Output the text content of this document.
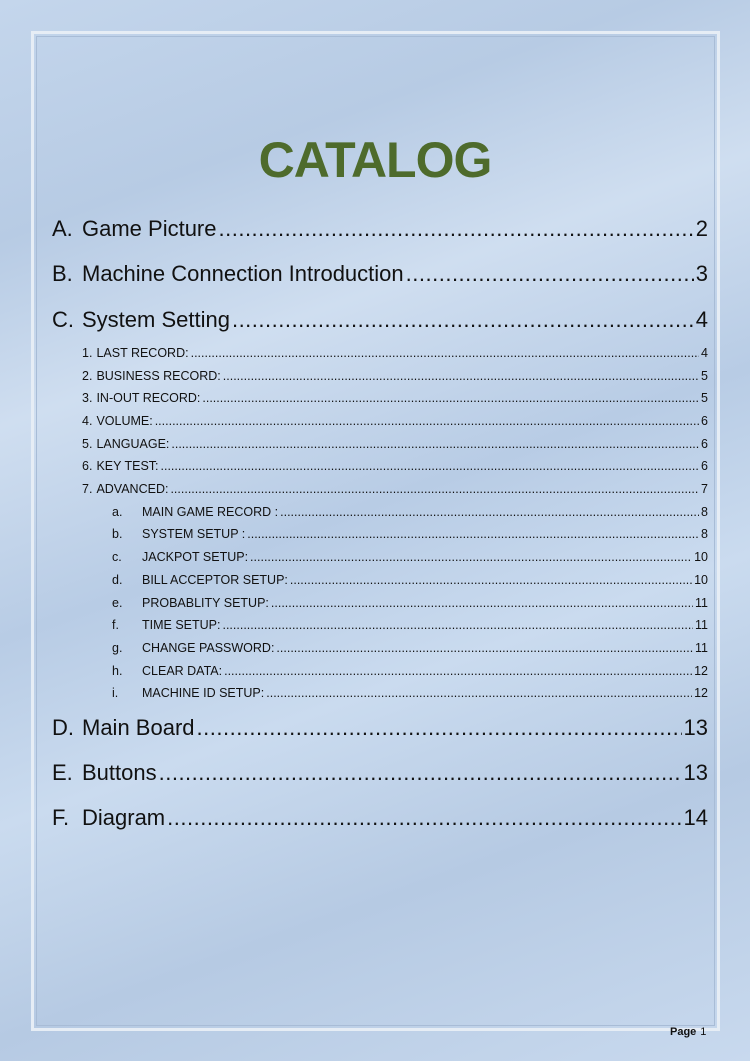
CATALOG
A. Game Picture .....	2
B. Machine Connection Introduction .....	3
C. System Setting .....	4
1. LAST RECORD: .....	4
2. BUSINESS RECORD: .....	5
3. IN-OUT RECORD: .....	5
4. VOLUME: .....	6
5. LANGUAGE: .....	6
6. KEY TEST: .....	6
7. ADVANCED: .....	7
a.	MAIN GAME RECORD : .....	8
b.	SYSTEM SETUP : .....	8
c.	JACKPOT SETUP: .....	10
d.	BILL ACCEPTOR SETUP: .....	10
e.	PROBABLITY SETUP: .....	11
f.	TIME SETUP: .....	11
g.	CHANGE PASSWORD: .....	11
h.	CLEAR DATA: .....	12
i.	MACHINE ID SETUP: .....	12
D. Main Board .....	13
E. Buttons .....	13
F. Diagram .....	14
Page 1
